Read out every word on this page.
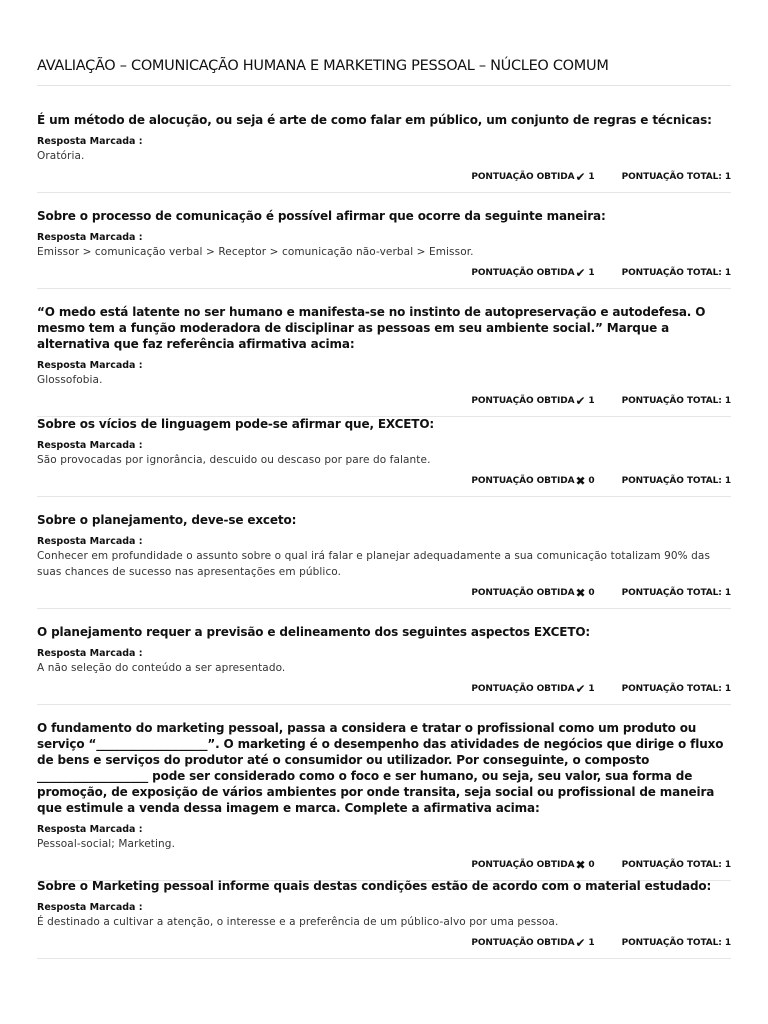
AVALIAÇÃO – COMUNICAÇÃO HUMANA E MARKETING PESSOAL – NÚCLEO COMUM

É um método de alocução, ou seja é arte de como falar em público, um conjunto de regras e técnicas:

Resposta Marcada :
Oratória.
PONTUAÇÃO OBTIDA ✔ 1	PONTUAÇÃO TOTAL: 1

Sobre o processo de comunicação é possível afirmar que ocorre da seguinte maneira:

Resposta Marcada :
Emissor > comunicação verbal > Receptor > comunicação não-verbal > Emissor.
PONTUAÇÃO OBTIDA ✔ 1	PONTUAÇÃO TOTAL: 1

“O medo está latente no ser humano e manifesta-se no instinto de autopreservação e autodefesa. O mesmo tem a função moderadora de disciplinar as pessoas em seu ambiente social.” Marque a alternativa que faz referência afirmativa acima:

Resposta Marcada :
Glossofobia.
PONTUAÇÃO OBTIDA ✔ 1	PONTUAÇÃO TOTAL: 1

Sobre os vícios de linguagem pode-se afirmar que, EXCETO:

Resposta Marcada :
São provocadas por ignorância, descuido ou descaso por pare do falante.
PONTUAÇÃO OBTIDA ✖ 0	PONTUAÇÃO TOTAL: 1

Sobre o planejamento, deve-se exceto:

Resposta Marcada :
Conhecer em profundidade o assunto sobre o qual irá falar e planejar adequadamente a sua comunicação totalizam 90% das suas chances de sucesso nas apresentações em público.
PONTUAÇÃO OBTIDA ✖ 0	PONTUAÇÃO TOTAL: 1

O planejamento requer a previsão e delineamento dos seguintes aspectos EXCETO:

Resposta Marcada :
A não seleção do conteúdo a ser apresentado.
PONTUAÇÃO OBTIDA ✔ 1	PONTUAÇÃO TOTAL: 1

O fundamento do marketing pessoal, passa a considera e tratar o profissional como um produto ou serviço “___________________”. O marketing é o desempenho das atividades de negócios que dirige o fluxo de bens e serviços do produtor até o consumidor ou utilizador. Por conseguinte, o composto ___________________ pode ser considerado como o foco e ser humano, ou seja, seu valor, sua forma de promoção, de exposição de vários ambientes por onde transita, seja social ou profissional de maneira que estimule a venda dessa imagem e marca. Complete a afirmativa acima:

Resposta Marcada :
Pessoal-social; Marketing.
PONTUAÇÃO OBTIDA ✖ 0	PONTUAÇÃO TOTAL: 1

Sobre o Marketing pessoal informe quais destas condições estão de acordo com o material estudado:

Resposta Marcada :
É destinado a cultivar a atenção, o interesse e a preferência de um público-alvo por uma pessoa.
PONTUAÇÃO OBTIDA ✔ 1	PONTUAÇÃO TOTAL: 1
